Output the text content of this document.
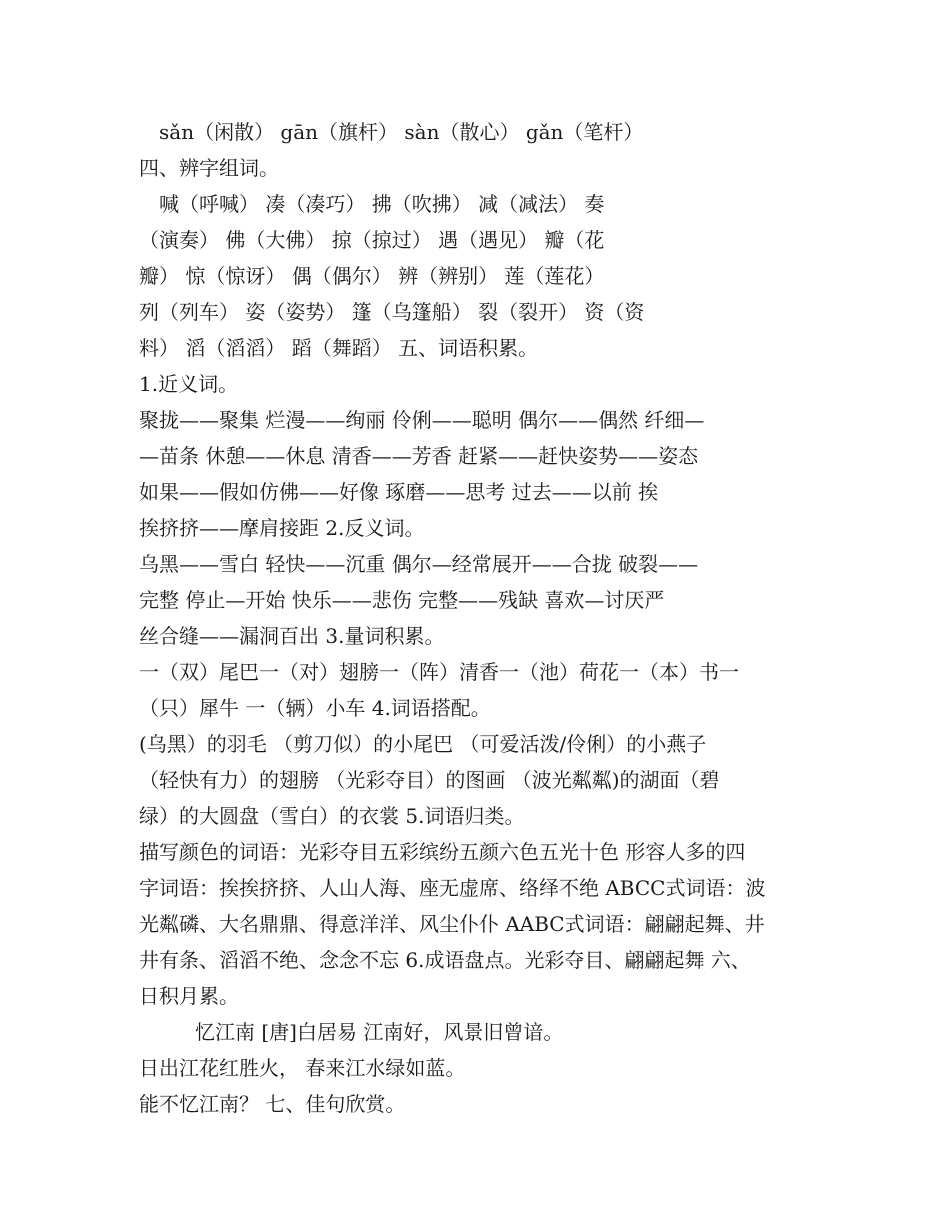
sǎn（闲散） gān（旗杆） sàn（散心） gǎn（笔杆）
四、辨字组词。
喊（呼喊） 凑（凑巧） 拂（吹拂） 减（减法） 奏
（演奏） 佛（大佛） 掠（掠过） 遇（遇见） 瓣（花
瓣） 惊（惊讶） 偶（偶尔） 辨（辨别） 莲（莲花）
列（列车） 姿（姿势） 篷（乌篷船） 裂（裂开） 资（资
料） 滔（滔滔） 蹈（舞蹈） 五、词语积累。
1.近义词。
聚拢——聚集 烂漫——绚丽 伶俐——聪明 偶尔——偶然 纤细—
—苗条 休憩——休息 清香——芳香 赶紧——赶快姿势——姿态
如果——假如仿佛——好像 琢磨——思考 过去——以前 挨
挨挤挤——摩肩接距 2.反义词。
乌黑——雪白 轻快——沉重 偶尔—经常展开——合拢 破裂——
完整 停止—开始 快乐——悲伤 完整——残缺 喜欢—讨厌严
丝合缝——漏洞百出 3.量词积累。
一（双）尾巴一（对）翅膀一（阵）清香一（池）荷花一（本）书一
（只）犀牛 一（辆）小车 4.词语搭配。
(乌黑）的羽毛 （剪刀似）的小尾巴 （可爱活泼/伶俐）的小燕子
（轻快有力）的翅膀 （光彩夺目）的图画 （波光粼粼)的湖面（碧
绿）的大圆盘（雪白）的衣裳 5.词语归类。
描写颜色的词语：光彩夺目五彩缤纷五颜六色五光十色 形容人多的四
字词语：挨挨挤挤、人山人海、座无虚席、络绎不绝 ABCC式词语：波
光粼磷、大名鼎鼎、得意洋洋、风尘仆仆 AABC式词语：翩翩起舞、井
井有条、滔滔不绝、念念不忘 6.成语盘点。光彩夺目、翩翩起舞 六、
日积月累。
忆江南 [唐]白居易 江南好，风景旧曾谙。
日出江花红胜火， 春来江水绿如蓝。
能不忆江南？ 七、佳句欣赏。
